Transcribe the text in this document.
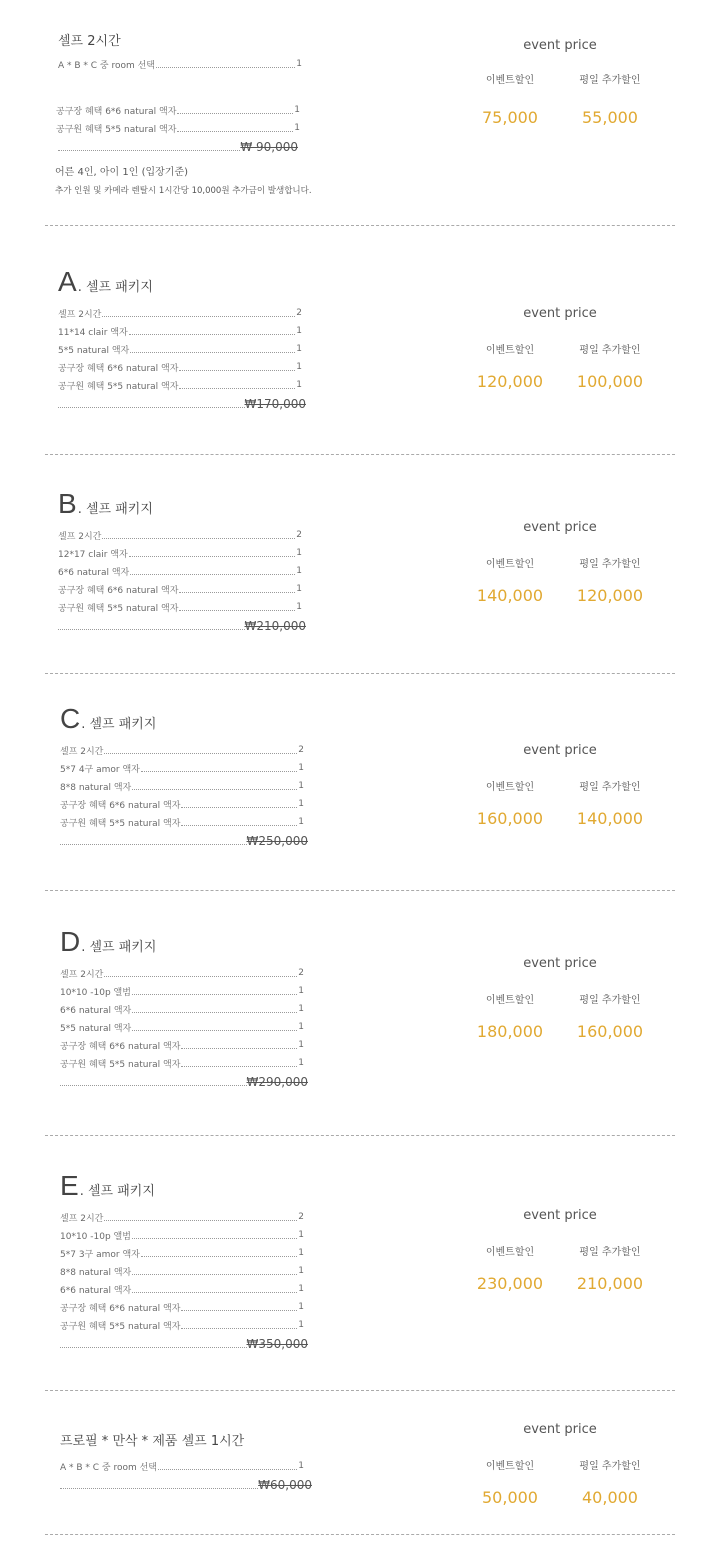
셀프 2시간
A * B * C 중 room 선택	1
공구장 혜택 6*6 natural 액자	1
공구원 혜택 5*5 natural 액자	1
₩ 90,000
어른 4인, 아이 1인 (입장기준)
추가 인원 및 카메라 렌탈시 1시간당 10,000원 추가금이 발생합니다.
event price
이벤트할인	평일 추가할인
75,000	55,000
A . 셀프 패키지
셀프 2시간	2
11*14 clair 액자	1
5*5 natural 액자	1
공구장 혜택 6*6 natural 액자	1
공구원 혜택 5*5 natural 액자	1
₩170,000
event price
이벤트할인	평일 추가할인
120,000	100,000
B . 셀프 패키지
셀프 2시간	2
12*17 clair 액자	1
6*6 natural 액자	1
공구장 혜택 6*6 natural 액자	1
공구원 혜택 5*5 natural 액자	1
₩210,000
event price
이벤트할인	평일 추가할인
140,000	120,000
C . 셀프 패키지
셀프 2시간	2
5*7 4구 amor 액자	1
8*8 natural 액자	1
공구장 혜택 6*6 natural 액자	1
공구원 혜택 5*5 natural 액자	1
₩250,000
event price
이벤트할인	평일 추가할인
160,000	140,000
D . 셀프 패키지
셀프 2시간	2
10*10 -10p 앨범	1
6*6 natural 액자	1
5*5 natural 액자	1
공구장 혜택 6*6 natural 액자	1
공구원 혜택 5*5 natural 액자	1
₩290,000
event price
이벤트할인	평일 추가할인
180,000	160,000
E . 셀프 패키지
셀프 2시간	2
10*10 -10p 앨범	1
5*7 3구 amor 액자	1
8*8 natural 액자	1
6*6 natural 액자	1
공구장 혜택 6*6 natural 액자	1
공구원 혜택 5*5 natural 액자	1
₩350,000
event price
이벤트할인	평일 추가할인
230,000	210,000
프로필 * 만삭 * 제품 셀프 1시간
A * B * C 중 room 선택	1
₩60,000
event price
이벤트할인	평일 추가할인
50,000	40,000
